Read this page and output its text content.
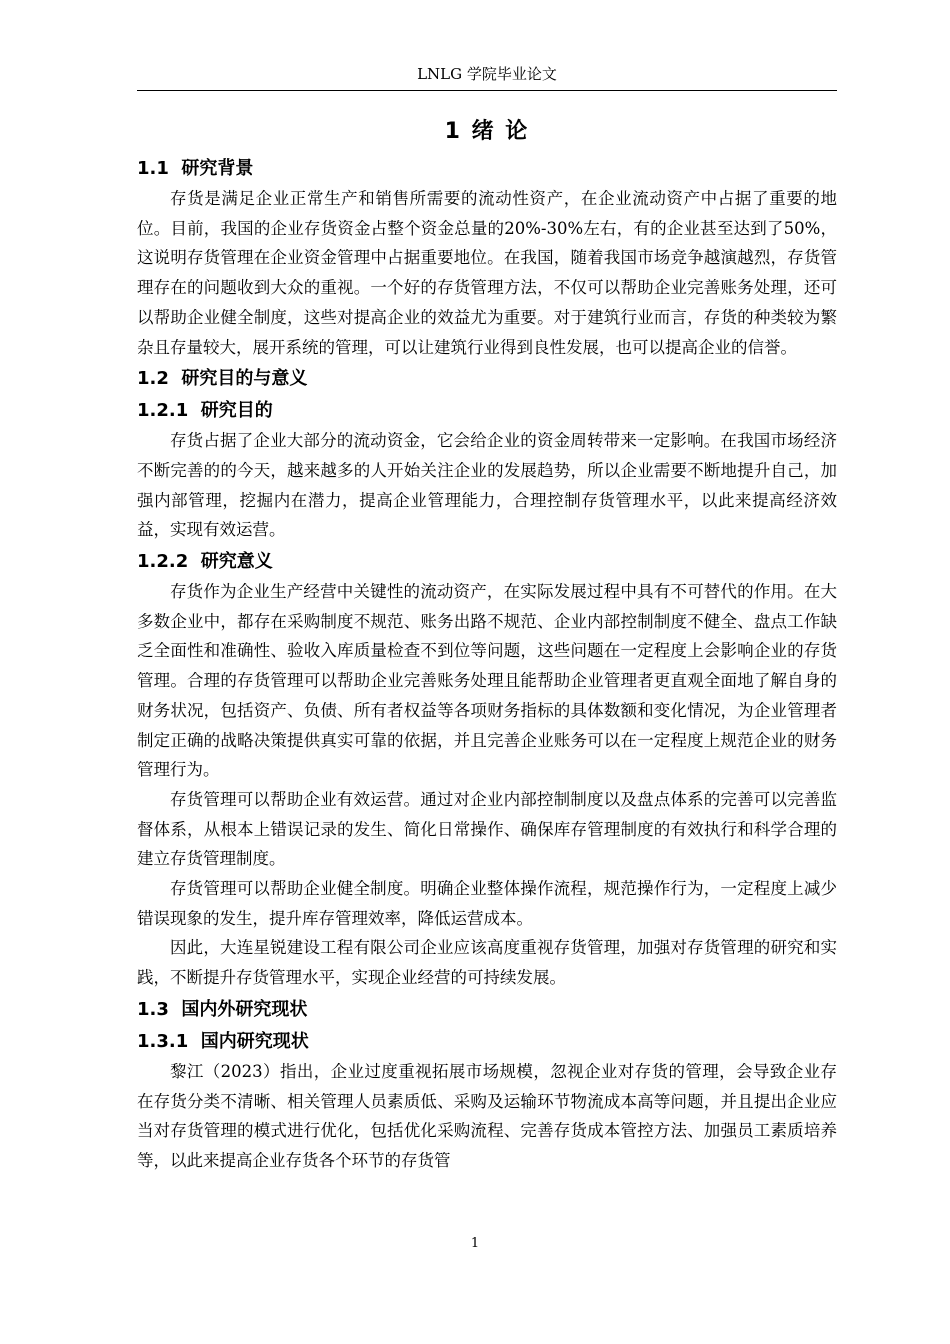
LNLG 学院毕业论文
1 绪 论
1.1  研究背景

存货是满足企业正常生产和销售所需要的流动性资产，在企业流动资产中占据了重要的地位。目前，我国的企业存货资金占整个资金总量的20%-30%左右，有的企业甚至达到了50%，这说明存货管理在企业资金管理中占据重要地位。在我国，随着我国市场竞争越演越烈，存货管理存在的问题收到大众的重视。一个好的存货管理方法，不仅可以帮助企业完善账务处理，还可以帮助企业健全制度，这些对提高企业的效益尤为重要。对于建筑行业而言，存货的种类较为繁杂且存量较大，展开系统的管理，可以让建筑行业得到良性发展，也可以提高企业的信誉。

1.2  研究目的与意义
1.2.1  研究目的

存货占据了企业大部分的流动资金，它会给企业的资金周转带来一定影响。在我国市场经济不断完善的的今天，越来越多的人开始关注企业的发展趋势，所以企业需要不断地提升自己，加强内部管理，挖掘内在潜力，提高企业管理能力，合理控制存货管理水平，以此来提高经济效益，实现有效运营。

1.2.2  研究意义

存货作为企业生产经营中关键性的流动资产，在实际发展过程中具有不可替代的作用。在大多数企业中，都存在采购制度不规范、账务出路不规范、企业内部控制制度不健全、盘点工作缺乏全面性和准确性、验收入库质量检查不到位等问题，这些问题在一定程度上会影响企业的存货管理。合理的存货管理可以帮助企业完善账务处理且能帮助企业管理者更直观全面地了解自身的财务状况，包括资产、负债、所有者权益等各项财务指标的具体数额和变化情况，为企业管理者制定正确的战略决策提供真实可靠的依据，并且完善企业账务可以在一定程度上规范企业的财务管理行为。

存货管理可以帮助企业有效运营。通过对企业内部控制制度以及盘点体系的完善可以完善监督体系，从根本上错误记录的发生、简化日常操作、确保库存管理制度的有效执行和科学合理的建立存货管理制度。

存货管理可以帮助企业健全制度。明确企业整体操作流程，规范操作行为，一定程度上减少错误现象的发生，提升库存管理效率，降低运营成本。

因此，大连星锐建设工程有限公司企业应该高度重视存货管理，加强对存货管理的研究和实践，不断提升存货管理水平，实现企业经营的可持续发展。

1.3  国内外研究现状
1.3.1  国内研究现状

黎江（2023）指出，企业过度重视拓展市场规模，忽视企业对存货的管理，会导致企业存在存货分类不清晰、相关管理人员素质低、采购及运输环节物流成本高等问题，并且提出企业应当对存货管理的模式进行优化，包括优化采购流程、完善存货成本管控方法、加强员工素质培养等，以此来提高企业存货各个环节的存货管

1
